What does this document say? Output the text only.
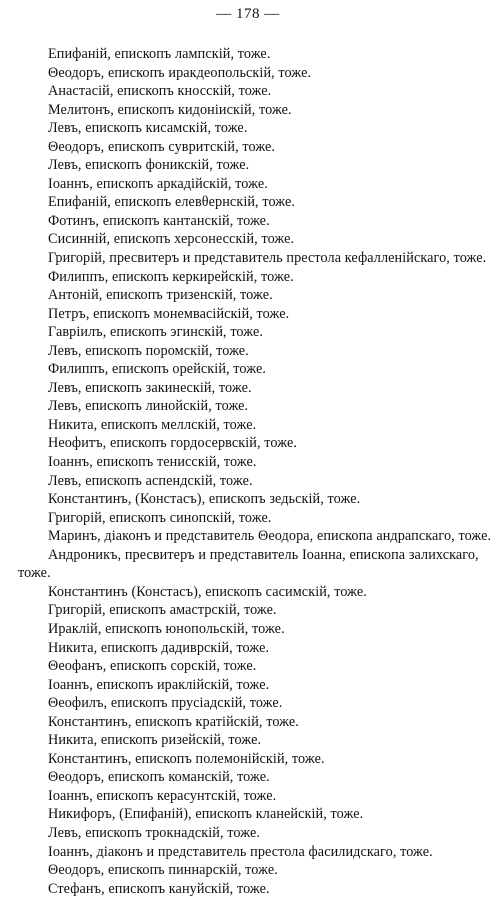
— 178 —
Епифаній, епископъ лампскій, тоже.
Θеодоръ, епископъ иракдеопольскій, тоже.
Анастасій, епископъ кносскій, тоже.
Мелитонъ, епископъ кидоніискій, тоже.
Левъ, епископъ кисамскій, тоже.
Θеодоръ, епископъ сувритскій, тоже.
Левъ, епископъ фоникскій, тоже.
Іоаннъ, епископъ аркадійскій, тоже.
Епифаній, епископъ елевθернскій, тоже.
Фотинъ, епископъ кантанскій, тоже.
Сисинній, епископъ херсонесскій, тоже.
Григорій, пресвитеръ и представитель престола кефалленійскаго, тоже.
Филиппъ, епископъ керкирейскій, тоже.
Антоній, епископъ тризенскій, тоже.
Петръ, епископъ монемвасійскій, тоже.
Гавріилъ, епископъ эгинскій, тоже.
Левъ, епископъ поромскій, тоже.
Филиппъ, епископъ орейскій, тоже.
Левъ, епископъ закинеcкій, тоже.
Левъ, епископъ линойскій, тоже.
Никита, епископъ меллскій, тоже.
Неофитъ, епископъ гордосервскій, тоже.
Іоаннъ, епископъ тенисскій, тоже.
Левъ, епископъ аспендскій, тоже.
Константинъ, (Констасъ), епископъ зедьскій, тоже.
Григорій, епископъ синопскій, тоже.
Маринъ, діаконъ и представитель Θеодора, епископа андрапскаго, тоже.
Андроникъ, пресвитеръ и представитель Іоанна, епископа залихскаго,
тоже.
Константинъ (Констасъ), епископъ сасимскій, тоже.
Григорій, епископъ амастрскій, тоже.
Ираклій, епископъ юнопольскій, тоже.
Никита, епископъ дадиврскій, тоже.
Θеофанъ, епископъ сорскій, тоже.
Іоаннъ, епископъ ираклійскій, тоже.
Θеофилъ, епископъ прусіадскій, тоже.
Константинъ, епископъ кратійскій, тоже.
Никита, епископъ ризейскій, тоже.
Константинъ, епископъ полемонійскій, тоже.
Θеодоръ, епископъ команскій, тоже.
Іоаннъ, епископъ керасунтскій, тоже.
Никифоръ, (Епифаній), епископъ кланейскій, тоже.
Левъ, епископъ трокнадскій, тоже.
Іоаннъ, діаконъ и представитель престола фасилидскаго, тоже.
Θеодоръ, епископъ пиннарскій, тоже.
Стефанъ, епископъ кануйскій, тоже.
